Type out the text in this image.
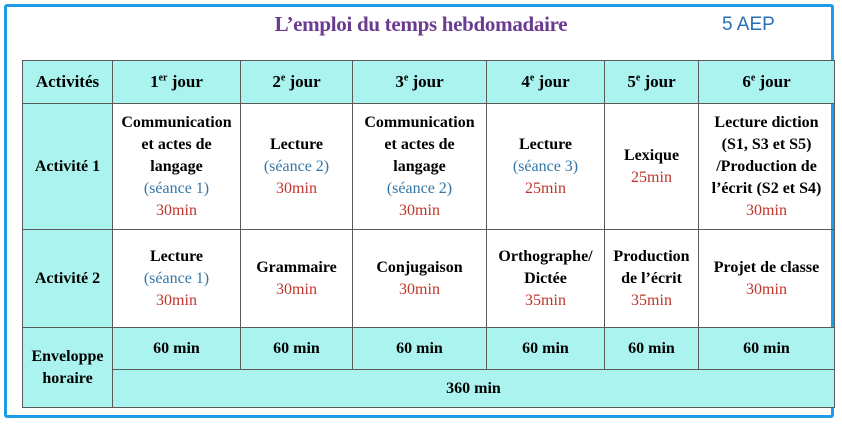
L’emploi du temps hebdomadaire	5 AEP
Activités	1er jour	2e jour	3e jour	4e jour	5e jour	6e jour
Activité 1	Communication
et actes de
langage
(séance 1)
30min	Lecture
(séance 2)
30min	Communication
et actes de
langage
(séance 2)
30min	Lecture
(séance 3)
25min	Lexique
25min	Lecture diction
(S1, S3 et S5)
/Production de
l’écrit (S2 et S4)
30min

Activité 2	Lecture
(séance 1)
30min	Grammaire
30min	Conjugaison
30min	Orthographe/
Dictée
35min	Production
de l’écrit
35min	Projet de classe
30min

Enveloppe
horaire	60 min	60 min	60 min	60 min	60 min	60 min
	360 min					
